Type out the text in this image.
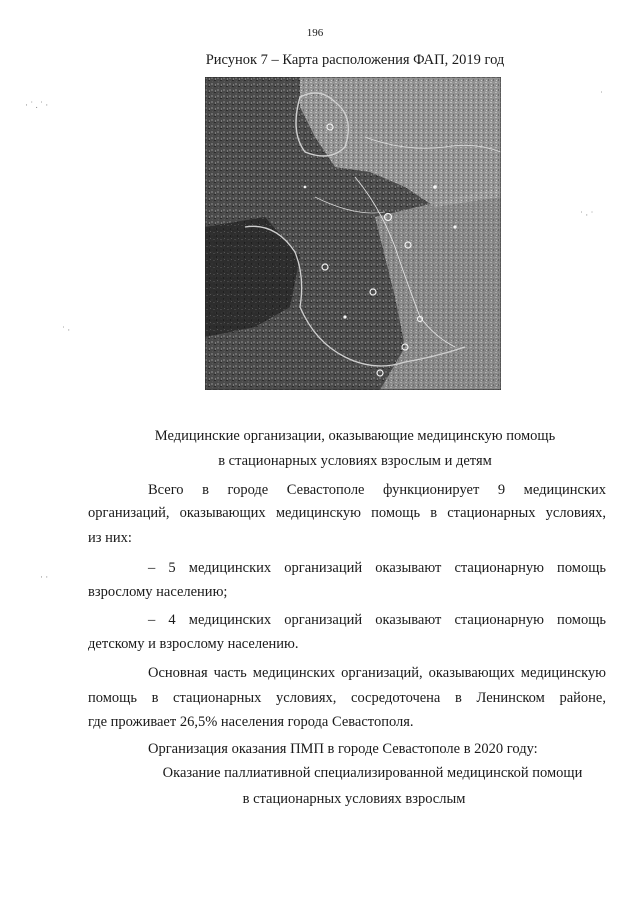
196
Рисунок 7 – Карта расположения ФАП, 2019 год
· ˙ . ˙ ·
˙
˙ · ˙
˙ ·
· ·
Медицинские организации, оказывающие медицинскую помощь
в стационарных условиях взрослым и детям

Всего в городе Севастополе функционирует 9 медицинских

организаций, оказывающих медицинскую помощь в стационарных условиях,

из них:

– 5 медицинских организаций оказывают стационарную помощь

взрослому населению;

– 4 медицинских организаций оказывают стационарную помощь

детскому и взрослому населению.

Основная часть медицинских организаций, оказывающих медицинскую

помощь в стационарных условиях, сосредоточена в Ленинском районе,

где проживает 26,5% населения города Севастополя.

Организация оказания ПМП в городе Севастополе в 2020 году:

Оказание паллиативной специализированной медицинской помощи
в стационарных условиях взрослым
